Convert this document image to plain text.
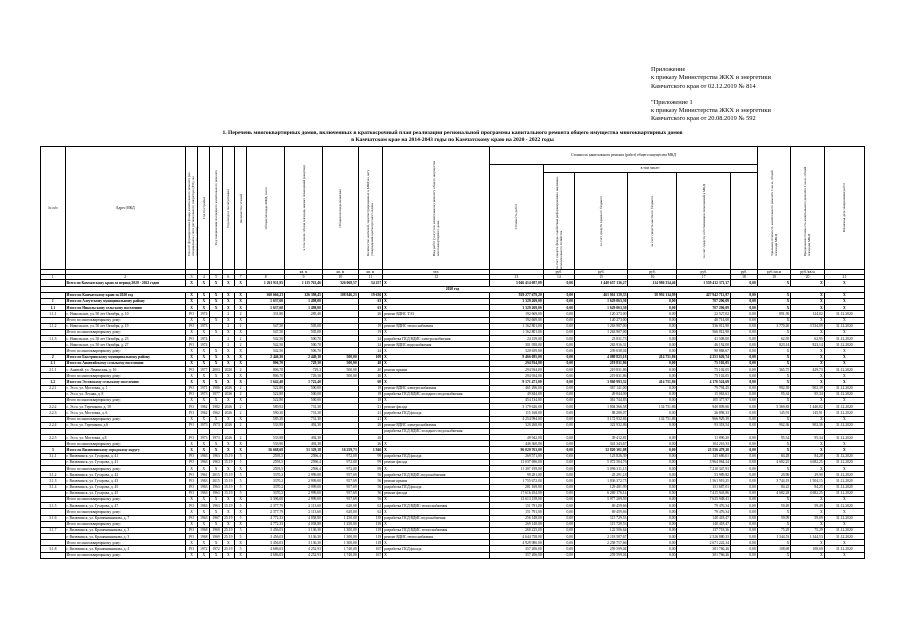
Приложение
к приказу Министерства ЖКХ и энергетики
Камчатского края от 02.12.2019 № 814
"Приложение 1
к приказу Министерства ЖКХ и энергетики
Камчатского края от 20.08.2019 № 592
1. Перечень многоквартирных домов, включенных в краткосрочный план реализации региональной программы капитального ремонта общего имущества многоквартирных домов
в Камчатском крае на 2014-2043 годы по Камчатскому краю на 2020 - 2022 годы
№ п/п	Адрес МКД	Способ формирования фонда капитального ремонта (на специальном счете регионального оператора (РО), на специальном счете)	Год постройки	Год завершения последнего капитального ремонта	Год ввода в эксплуатацию	Количество этажей	Общая площадь МКД, всего	в том числе общая площадь жилых помещений (квартир)	Общая площадь нежилых	Количество жителей, зарегистрированных в МКД на дату утверждения краткосрочного плана	Вид работ (услуг) по капитальному ремонту общего имущества многоквартирного дома	Стоимость капитального ремонта (работ) общего имущества МКД						Удельная стоимость капитального ремонта 1 кв.м. общей площади МКД	Предельная стоимость капитального ремонта 1 кв.м. общей площади МКД	Плановая дата завершения работ

												Стоимость работ	в том числе:							

													за счет средств фонда содействия реформированию жилищно-коммунального хозяйства	за счет средств краевого бюджета	за счет средств местного бюджета	за счет средств собственников помещений в МКД				

								кв. м	кв. м	кв. м	чел.		руб.	руб.	руб.	руб.	руб.	руб./кв.м	руб./кв.м	
1	2	3	4	5	6	7	8	9	10	11	12	13	14	15	16	17	18	19	20	21
	Всего по Камчатскому краю за период 2020 - 2022 годов	X	X	X	X	X	1 261 911,95	1 115 763,46	326 068,57	54 257	X	3 046 414 697,09	0,00	1 440 657 136,27	114 986 334,46	1 539 412 371,37	0,00	X	X	X
2020 год																				
	Итого по Камчатскому краю за 2020 год	X	X	X	X	X	360 666,23	326 398,45	108 846,23	19 636	X	929 277 679,20	0,00	461 961 139,33	38 992 134,99	427 942 712,97	0,00	X	X	X
1	Итого по Алеутскому муниципальному району	X	X	X	X	X	1 637,60	1 498,00		63	X	3 329 269,00	0,00	1 629 063,30	0,00	707 206,09	0,00	X	X	X
1.1	Итого по Никольскому сельскому поселению	X	X	X	X	X	1 637,60	1 498,00		63	X	3 329 269,00	0,00	1 629 063,30	0,00	707 206,09	0,00	X	X	X
1.1.1	с. Никольское, ул. 50 лет Октября, д. 10	РО	1974		2	2	331,80	285,40		26	ремонт ВДИС ТЭЗ	192 669,00	0,00	120 273,00	0,00	22 527,02	0,00	891,50	124,02	31.12.2020
	Итого по многоквартирному дому:	X	X	X	X	X					X	192 669,00	0,00	120 273,00	0,00	40 714,00	0,00	X	X	X
1.1.2	с. Никольское, ул. 50 лет Октября, д. 19	РО	1973		2	2	547,50	505,00		19	ремонт ВДИС теплоснабжения	1 162 801,00	0,00	1 263 907,00	0,00	536 012,90	0,00	3 770,40	3 534,09	31.12.2020
	Итого по многоквартирному дому:	X	X	X	X	X	547,50	505,00		19	X	1 162 801,00	0,00	1 263 907,00	0,00	566 012,90	0,00	X	X	X
1.1.3	с. Никольское, ул. 50 лет Октября, д. 23	РО	1974		2	2	542,50	500,70		24	разработка ПСД ВДИС электроснабжения	24 159,00	0,00	23 831,73	0,00	41 508,00	0,00	62,95	62,95	31.12.2020
	с. Никольское, ул. 50 лет Октября, д. 27	РО	1974		2	2	542,50	500,70		24	ремонт ВДИС водоснабжения	301 958,00	0,00	263 916,31	0,00	46 192,00	0,00	823,14	823,14	31.12.2020
	Итого по многоквартирному дому:	X	X	X	X	X	542,50	506,70		24	X	320 659,00	0,00	239 638,04	0,00	90 868,67	0,00	X	X	X
2	Итого по Быстринскому муниципальному району	X	X	X	X	X	2 446,30	2 449,10	500,00	109	X	9 466 695,00	0,00	4 080 825,18	414 751,86	4 251 626,74	0,00	X	X	X
2.1	Итого по Анавгайскому сельскому поселению	X	X	X	X	X	806,70	729,30	500,00	40	X	294 934,00	0,00	219 831,86	0,00	75 102,05	0,00	X	X	X
2.1.1	с. Анавгай, ул. Ленинская, д. 16	РО	1977	2003	2020	2	806,70	729,3	500,00	40	ремонт крыши	294 934,00	0,00	219 831,86	0,00	75 102,05	0,00	365,75	429,73	31.12.2020
	Итого по многоквартирному дому:	X	X	X	X	X	806,70	729,30	500,00	40	X	294 934,00	0,00	219 831,86	0,00	75 102,05	0,00	X	X	X
2.2	Итого по Эссовскому сельскому поселению	X	X	X	X	X	1 642,40	1 722,40		69	X	9 171 471,00	0,00	3 860 993,32	414 751,86	4 176 524,69	0,00	X	X	X
2.2.1	с. Эссо, ул. Мостовая, д. 1	РО	1971	1986	2026	2	522,80	500,00		18	ремонт ВДИС электроснабжения	461 296,00	0,00	367 141,00	0,00	79 794,45	0,00	902,39	902,39	31.12.2020
	с. Эссо, ул. Лесная, д. 8	РО	1973	1977	2026	2	522,80	500,00		18	разработка ПСД ВДИС холодного водоснабжения	49 844,00	0,00	49 844,00	0,00	15 063,61	0,00	95,34	95,34	31.12.2020
	Итого по многоквартирному дому:	X	X	X	X	X	522,80	500,00		18	X	454 134,00	0,00	361 744,83	0,00	105 377,97	0,00	X	X	X
2.2.2	с. Эссо, ул. Терешкова, д. 10	РО	1962	1982	2026	2	589,92	731,30		21	ремонт фасада	3 179 626,00	0,00	1 804 366,58	134 751,86	940 809,66	0,00	5 369,83	1 440,82	31.12.2020
2.2.3	с. Эссо, ул. Мостовая, д. 6	РО	1962	1962	2026	2	590,30	731,30		21	разработка ПСД фасада	115 168,00	0,00	88 280,07	0,00	26 898,33	0,00	145,91	145,91	31.12.2020
	Итого по многоквартирному дому:	X	X	X	X	X	585,30	731,30		21	X	4 254 994,00	0,00	3 172 932,84	134 751,86	966 929,39	0,00	X	X	X
2.2.4	с. Эссо, ул. Терешкова, д.6	РО	1973	1973	2026	2	533,98	492,30		26	ремонт ВДИС электроснабжения	320 268,00	0,00	322 932,86	0,00	93 318,54	0,00	902,36	902,36	31.12.2020
											разработка ПСД ВДИС холодного водоснабжения									
2.2.5	с. Эссо, ул. Мостовая, д.8	РО	1973	1973	2026	2	533,98	492,30		26		49 942,00	0,00	39 412,81	0,00	11 890,20	0,00	95,34	95,34	31.12.2020
	Итого по многоквартирному дому:	X	X	X	X	X	533,90	492,30		26	X	446 360,00	0,00	341 343,67	0,00	104 216,33	0,00	X	X	X
3	Итого по Вилючинскому городскому округу	X	X	X	X	X	56 668,68	51 329,18	16 259,73	1 946	X	96 020 763,00	0,00	32 820 301,08	0,00	25 556 479,20	0,00	X	X	X
3.1.1	г. Вилючинск, ул. Гусарова, д. 41	РО	1963	1963	15.19	5	2593,5	2596,4	972,00	99	разработка ПСД фасада	269 571,00	0,00	123 826,39	0,00	145 686,61	0,00	84,28	84,28	31.12.2020
	г. Вилючинск, ул. Гусарова, д. 41	РО	1963	1963	15.19	5	2593,5	2596,4	972,00	99	ремонт фасада	11 037 696,00	0,00	5 072 504,76	0,00	5 964 064,24	0,00	4 682,25	4 682,25	31.12.2020
	Итого по многоквартирному дому:	X	X	X	X	X	2593,5	2596,4	972,00	99	X	11 307 199,00	0,00	5 096 311,15	0,00	7 210 347,91	0,00	X	X	X
3.1.2	г. Вилючинск, ул. Гусарова, д. 42	РО	1961	2015	15.19	5	3370,2	2 999,00	957,69	56	разработка ПСД ВДИС водоснабжения	99 281,00	0,00	45 291,18	0,00	53 989,82	0,00	29,90	29,90	31.12.2020
3.1.3	г. Вилючинск, ул. Гусарова, д. 43	РО	1963	2015	15.19	5	3370,2	2 999,00	957,69	56	ремонт крыши	1 755 672,00	0,00	1 836 372,75	0,00	1 561 919,25	0,00	3 744,19	1 504,15	31.12.2020
3.1.4	г. Вилючинск, ул. Гусарова, д. 45	РО	1963	1963	15.19	5	3370,2	2 999,00	957,69	56	разработка ПСД фасада	281 169,00	0,00	129 481,99	0,00	151 687,01	0,00	84,25	84,25	31.12.2020
	г. Вилючинск, ул. Гусарова, д. 45	РО	1963	1963	15.19	5	3370,2	2 999,00	957,69	56	ремонт фасада	17 616 454,00	0,00	6 269 176,14	0,00	7 415 943,86	0,00	4 682,28	4 682,25	31.12.2020
	Итого по многоквартирному дому:	X	X	X	X	X	3 396,00	2 999,00	957,69	56	X	13 613 158,00	0,00	5 977 209,59	0,00	7 635 948,41	0,00	X	X	X
3.1.5	г. Вилючинск, ул. Гусарова, д. 47	РО	1963	1963	15.19	5	2 377,79	2 113,60	620,00	62	разработка ПСД ВДИС теплоснабжения	151 791,00	0,00	69 459,66	0,00	79 476,34	0,00	59,49	59,49	31.12.2020
	Итого по многоквартирному дому:	X	X	X	X	X	2 377,79	2 113,60	620,00	62	X	151 791,00	0,00	69 459,66	0,00	79 476,34	0,00	X	X	X
3.1.6	г. Вилючинск, ул. Крашенинникова, д. 7	РО	1963	1967	25.19	5	4 772,33	4 058,80	1 250,00	139	разработка ПСД ВДИС водоснабжения	256 148,00	0,00	115 729,53	0,00	140 418,47	0,00	59,09	59,09	31.12.2020
	Итого по многоквартирному дому:	X	X	X	X	X	4 772,33	4 058,80	1 250,00	139	X	269 148,00	0,00	115 729,53	0,00	140 418,47	0,00	X	X	X
3.1.7	г. Вилючинск, ул. Крашенинникова, д. 3	РО	1968	1969	25.19	5	3 456,03	3 136,30	1 300,00	118	разработка ПСД ВДИС теплоснабжения	260 225,00	0,00	122 506,64	0,00	137 718,36	0,00	75,29	75,29	31.12.2020
	г. Вилючинск, ул. Крашенинникова, д. 3	РО	1968	1969	25.19	5	3 456,03	3 136,30	1 300,00	118	ремонт ВДИС теплоснабжения	4 644 758,00	0,00	2 118 587,67	0,00	2 526 080,33	0,00	1 344,53	1 344,53	31.12.2020
	Итого по многоквартирному дому:	X	X	X	X	X	3 456,03	3 136,30	1 300,00	118	X	4 929 980,00	0,00	2 258 757,66	0,00	2 671 222,34	0,00	X	X	X
3.1.8	г. Вилючинск, ул. Крашенинникова, д. 4	РО	1972	1972	25.19	5	4 686,03	4 252,93	1 740,00	167	разработка ПСД фасада	357 206,00	0,00	259 599,04	0,00	301 766,26	0,00	108,69	108,69	31.12.2020
	Итого по многоквартирному дому:	X	X	X	X	X	4 686,03	4 252,93	1 740,00	167	X	357 206,00	0,00	259 599,04	0,00	301 766,26	0,00	X	X	X
